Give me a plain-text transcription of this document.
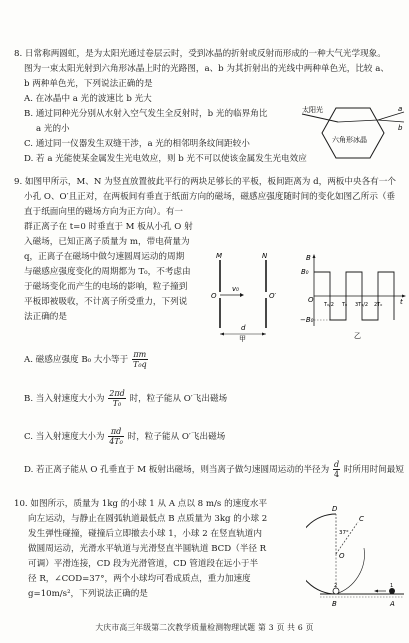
8. 日常称两圆虹，是为太阳光通过卷层云时，受到冰晶的折射或反射而形成的一种大气光学现象。
图为一束太阳光射到六角形冰晶上时的光路图，a、b 为其折射出的光线中两种单色光，比较 a、
b 两种单色光，下列说法正确的是
A. 在冰晶中 a 光的波速比 b 光大
B. 通过同种光分别从水射入空气发生全反射时，b 光的临界角比
a 光的小
C. 通过同一仪器发生双缝干涉，a 光的相邻明条纹间距较小
D. 若 a 光能使某金属发生光电效应，则 b 光不可以使该金属发生光电效应
太阳光
六角形冰晶
a
b
9. 如图甲所示，M、N 为竖直放置彼此平行的两块足够长的平板，板间距离为 d，两板中央各有一个
小孔 O、O′且正对，在两板间有垂直于纸面方向的磁场，磁感应强度随时间的变化如图乙所示（垂
直于纸面向里的磁场方向为正方向）。有一
群正离子在 t=0 时垂直于 M 板从小孔 O 射
入磁场，已知正离子质量为 m，带电荷量为
q，正离子在磁场中做匀速圆周运动的周期
与磁感应强度变化的周期都为 T₀，不考虑由
于磁场变化而产生的电场的影响，粒子撞到
平板即被吸收，不计离子所受重力，下列说
法正确的是
A. 磁感应强度 B₀ 大小等于 $\frac{\pi m}{\text{T₀q}}$
B. 当入射速度大小为 $\frac{2\pi d}{\text{T₀}}$ 时，粒子能从 O′飞出磁场
C. 当入射速度大小为 $\frac{\pi d}{\text{4T₀}}$ 时，粒子能从 O′飞出磁场
D. 若正离子能从 O 孔垂直于 M 板射出磁场，则当离子做匀速圆周运动的半径为 $\frac{d}{4}$ 时所用时间最短
M	N
O	O′
v₀
d
甲
B
B₀
−B₀
O	t
T₀/2 T₀ 3T₀/2 2T₀
乙
10. 如图所示，质量为 1kg 的小球 1 从 A 点以 8 m/s 的速度水平
向左运动，与静止在圆弧轨道最低点 B 点质量为 3kg 的小球 2
发生弹性碰撞，碰撞后立即撤去小球 1，小球 2 在竖直轨道内
做圆周运动，光滑水平轨道与光滑竖直半圆轨道 BCD（半径 R
可调）平滑连接，CD 段为光滑管道，CD 管道段在远小于半
径 R，∠COD=37°，两个小球均可看成质点，重力加速度
g=10m/s²，下列说法正确的是
D
C
O
37°
B	A
2	1
大庆市高三年级第二次教学质量检测物理试题 第 3 页 共 6 页
